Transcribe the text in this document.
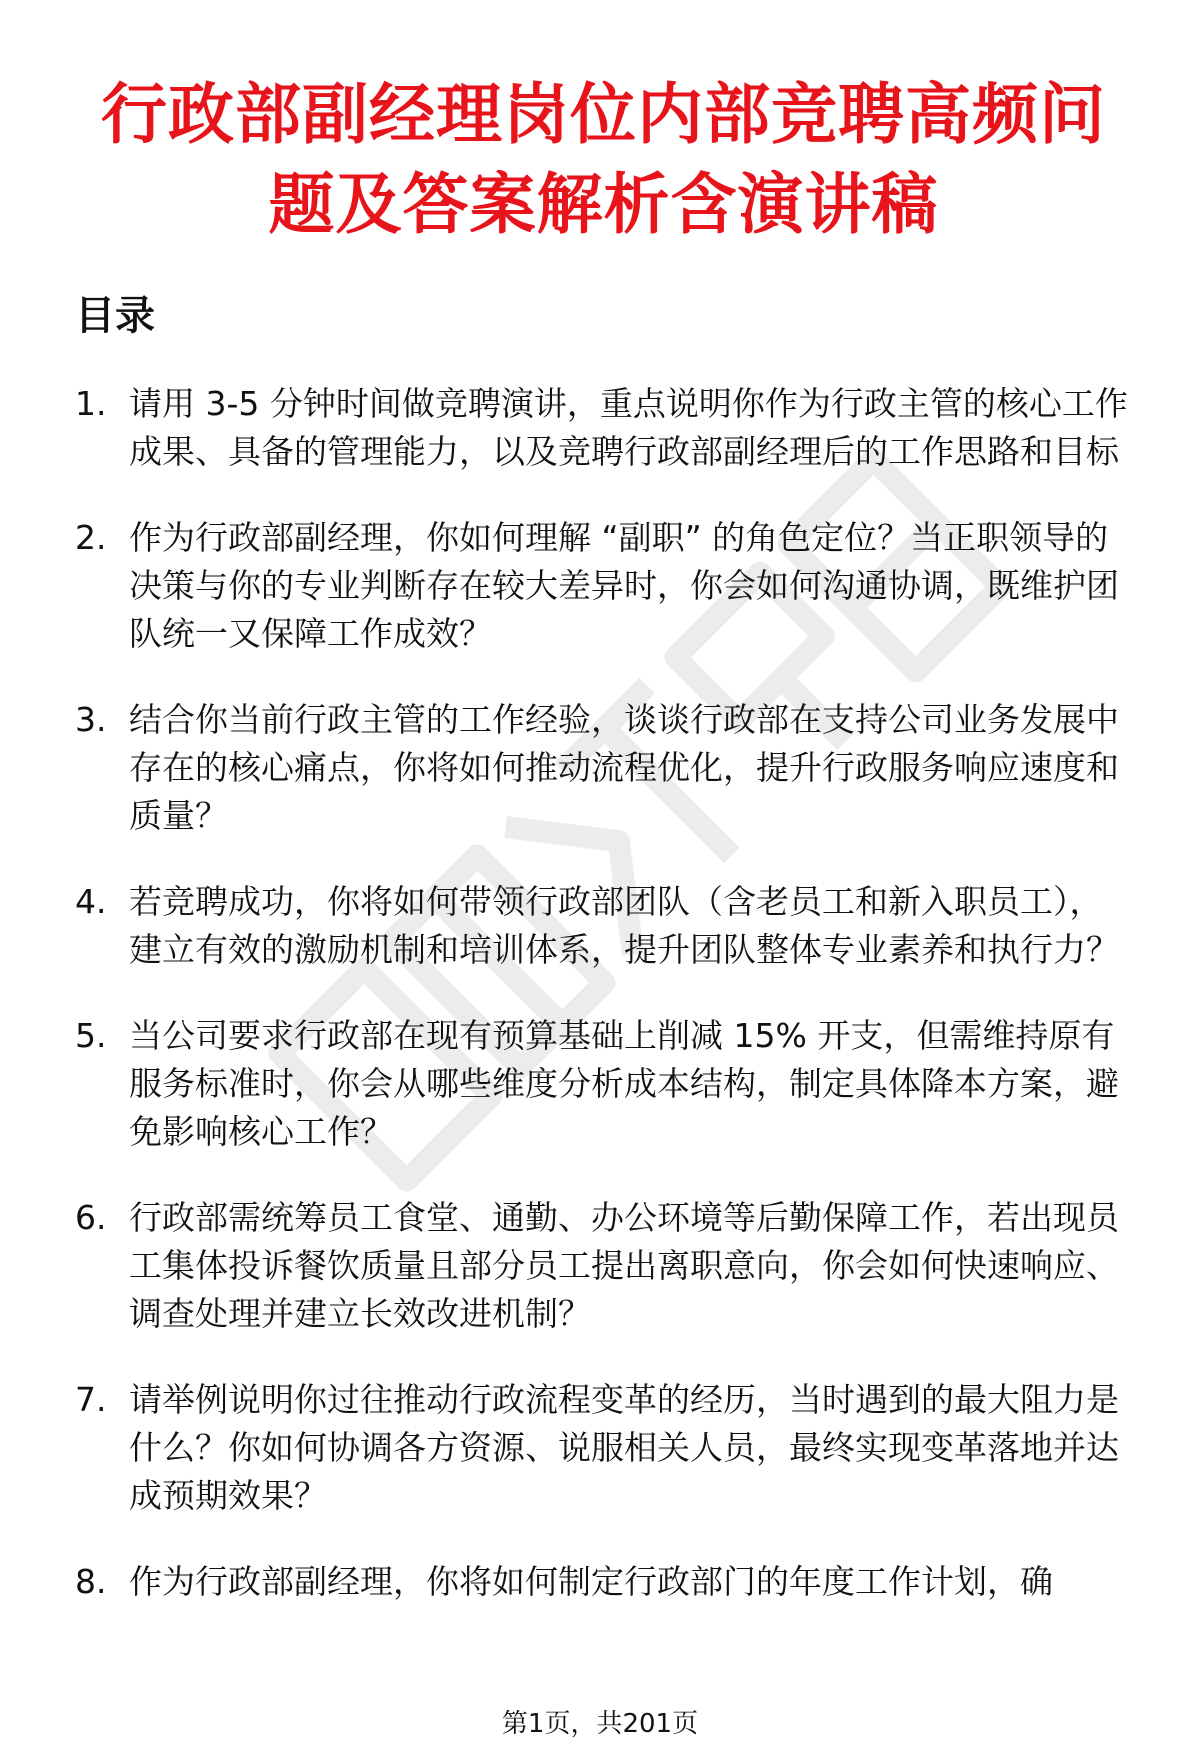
行政部副经理岗位内部竞聘高频问题及答案解析含演讲稿
目录
1. 请用 3-5 分钟时间做竞聘演讲，重点说明你作为行政主管的核心工作成果、具备的管理能力，以及竞聘行政部副经理后的工作思路和目标
2. 作为行政部副经理，你如何理解 “副职” 的角色定位？当正职领导的决策与你的专业判断存在较大差异时，你会如何沟通协调，既维护团队统一又保障工作成效？
3. 结合你当前行政主管的工作经验，谈谈行政部在支持公司业务发展中存在的核心痛点，你将如何推动流程优化，提升行政服务响应速度和质量？
4. 若竞聘成功，你将如何带领行政部团队（含老员工和新入职员工），建立有效的激励机制和培训体系，提升团队整体专业素养和执行力？
5. 当公司要求行政部在现有预算基础上削减 15% 开支，但需维持原有服务标准时，你会从哪些维度分析成本结构，制定具体降本方案，避免影响核心工作？
6. 行政部需统筹员工食堂、通勤、办公环境等后勤保障工作，若出现员工集体投诉餐饮质量且部分员工提出离职意向，你会如何快速响应、调查处理并建立长效改进机制？
7. 请举例说明你过往推动行政流程变革的经历，当时遇到的最大阻力是什么？你如何协调各方资源、说服相关人员，最终实现变革落地并达成预期效果？
8. 作为行政部副经理，你将如何制定行政部门的年度工作计划，确
第1页，共201页
